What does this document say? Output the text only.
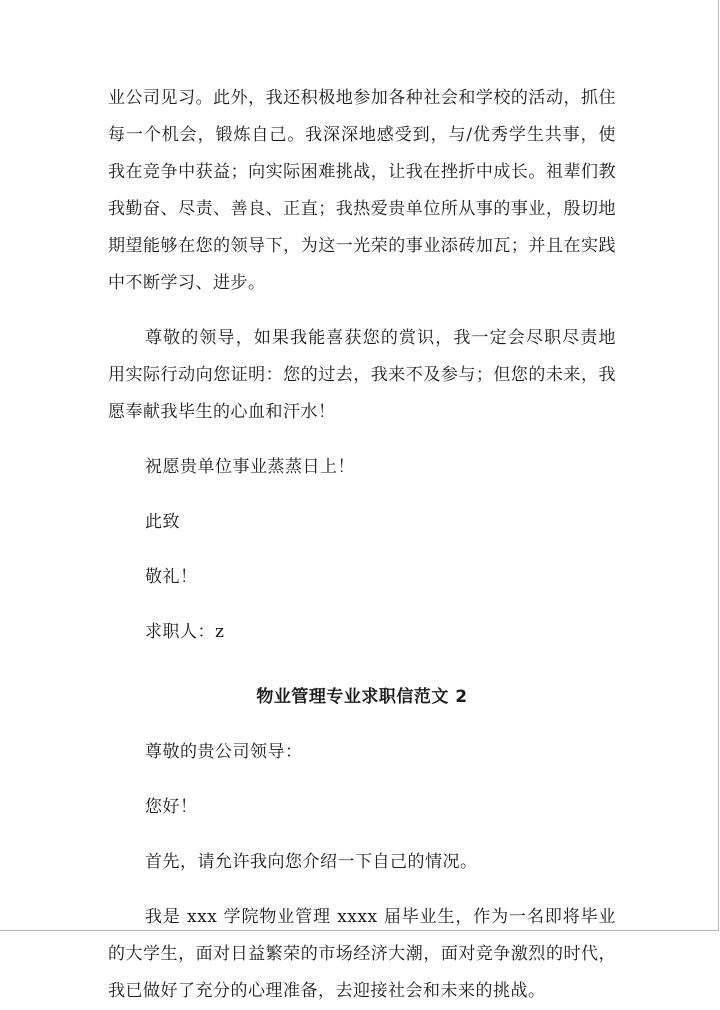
业公司见习。此外，我还积极地参加各种社会和学校的活动，抓住每一个机会，锻炼自己。我深深地感受到，与/优秀学生共事，使我在竞争中获益；向实际困难挑战，让我在挫折中成长。祖辈们教我勤奋、尽责、善良、正直；我热爱贵单位所从事的事业，殷切地期望能够在您的领导下，为这一光荣的事业添砖加瓦；并且在实践中不断学习、进步。

尊敬的领导，如果我能喜获您的赏识，我一定会尽职尽责地用实际行动向您证明：您的过去，我来不及参与；但您的未来，我愿奉献我毕生的心血和汗水！

祝愿贵单位事业蒸蒸日上！

此致

敬礼！

求职人：z

物业管理专业求职信范文 2

尊敬的贵公司领导：

您好！

首先，请允许我向您介绍一下自己的情况。

我是 xxx 学院物业管理 xxxx 届毕业生，作为一名即将毕业的大学生，面对日益繁荣的市场经济大潮，面对竞争激烈的时代，我已做好了充分的心理准备，去迎接社会和未来的挑战。
